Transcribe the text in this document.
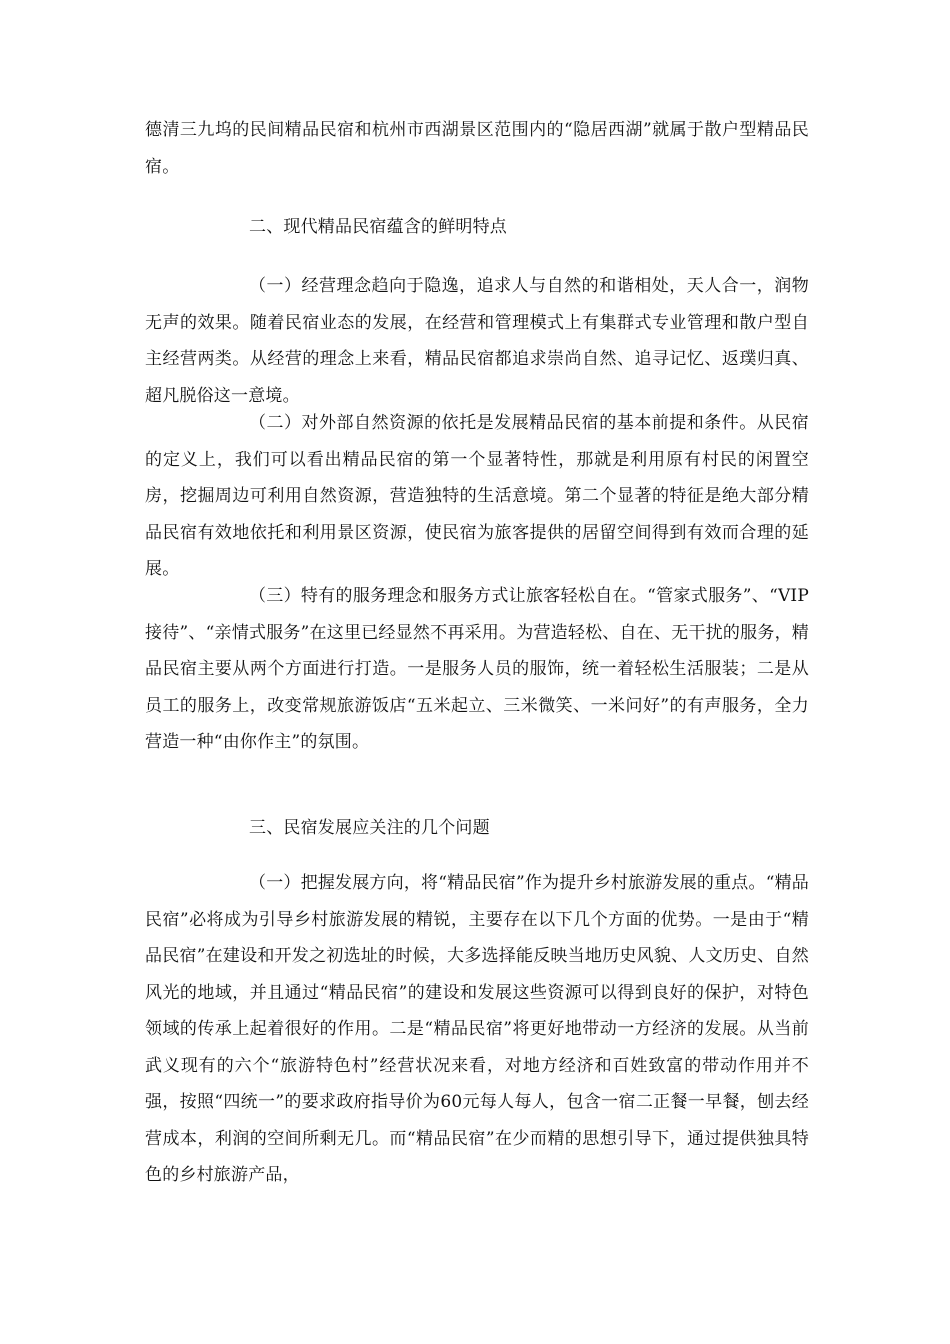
德清三九坞的民间精品民宿和杭州市西湖景区范围内的“隐居西湖”就属于散户型精品民宿。

二、现代精品民宿蕴含的鲜明特点

（一）经营理念趋向于隐逸，追求人与自然的和谐相处，天人合一，润物无声的效果。随着民宿业态的发展，在经营和管理模式上有集群式专业管理和散户型自主经营两类。从经营的理念上来看，精品民宿都追求崇尚自然、追寻记忆、返璞归真、超凡脱俗这一意境。

（二）对外部自然资源的依托是发展精品民宿的基本前提和条件。从民宿的定义上，我们可以看出精品民宿的第一个显著特性，那就是利用原有村民的闲置空房，挖掘周边可利用自然资源，营造独特的生活意境。第二个显著的特征是绝大部分精品民宿有效地依托和利用景区资源，使民宿为旅客提供的居留空间得到有效而合理的延展。

（三）特有的服务理念和服务方式让旅客轻松自在。“管家式服务”、“VIP接待”、“亲情式服务”在这里已经显然不再采用。为营造轻松、自在、无干扰的服务，精品民宿主要从两个方面进行打造。一是服务人员的服饰，统一着轻松生活服装；二是从员工的服务上，改变常规旅游饭店“五米起立、三米微笑、一米问好”的有声服务，全力营造一种“由你作主”的氛围。

三、民宿发展应关注的几个问题

（一）把握发展方向，将“精品民宿”作为提升乡村旅游发展的重点。“精品民宿”必将成为引导乡村旅游发展的精锐，主要存在以下几个方面的优势。一是由于“精品民宿”在建设和开发之初选址的时候，大多选择能反映当地历史风貌、人文历史、自然风光的地域，并且通过“精品民宿”的建设和发展这些资源可以得到良好的保护，对特色领域的传承上起着很好的作用。二是“精品民宿”将更好地带动一方经济的发展。从当前武义现有的六个“旅游特色村”经营状况来看，对地方经济和百姓致富的带动作用并不强，按照“四统一”的要求政府指导价为60元每人每人，包含一宿二正餐一早餐，刨去经营成本，利润的空间所剩无几。而“精品民宿”在少而精的思想引导下，通过提供独具特色的乡村旅游产品，
